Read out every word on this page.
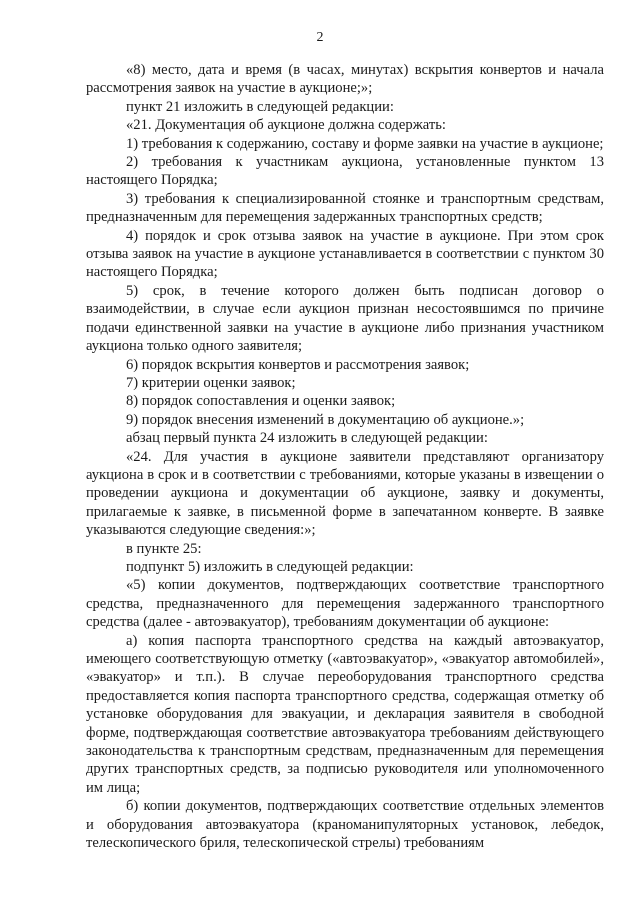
2

«8) место, дата и время (в часах, минутах) вскрытия конвертов и начала рассмотрения заявок на участие в аукционе;»;

пункт 21 изложить в следующей редакции:

«21. Документация об аукционе должна содержать:

1) требования к содержанию, составу и форме заявки на участие в аукционе;

2) требования к участникам аукциона, установленные пунктом 13 настоящего Порядка;

3) требования к специализированной стоянке и транспортным средствам, предназначенным для перемещения задержанных транспортных средств;

4) порядок и срок отзыва заявок на участие в аукционе. При этом срок отзыва заявок на участие в аукционе устанавливается в соответствии с пунктом 30 настоящего Порядка;

5) срок, в течение которого должен быть подписан договор о взаимодействии, в случае если аукцион признан несостоявшимся по причине подачи единственной заявки на участие в аукционе либо признания участником аукциона только одного заявителя;

6) порядок вскрытия конвертов и рассмотрения заявок;

7) критерии оценки заявок;

8) порядок сопоставления и оценки заявок;

9) порядок внесения изменений в документацию об аукционе.»;

абзац первый пункта 24 изложить в следующей редакции:

«24. Для участия в аукционе заявители представляют организатору аукциона в срок и в соответствии с требованиями, которые указаны в извещении о проведении аукциона и документации об аукционе, заявку и документы, прилагаемые к заявке, в письменной форме в запечатанном конверте. В заявке указываются следующие сведения:»;

в пункте 25:

подпункт 5) изложить в следующей редакции:

«5) копии документов, подтверждающих соответствие транспортного средства, предназначенного для перемещения задержанного транспортного средства (далее - автоэвакуатор), требованиям документации об аукционе:

а) копия паспорта транспортного средства на каждый автоэвакуатор, имеющего соответствующую отметку («автоэвакуатор», «эвакуатор автомобилей», «эвакуатор» и т.п.). В случае переоборудования транспортного средства предоставляется копия паспорта транспортного средства, содержащая отметку об установке оборудования для эвакуации, и декларация заявителя в свободной форме, подтверждающая соответствие автоэвакуатора требованиям действующего законодательства к транспортным средствам, предназначенным для перемещения других транспортных средств, за подписью руководителя или уполномоченного им лица;

б) копии документов, подтверждающих соответствие отдельных элементов и оборудования автоэвакуатора (краноманипуляторных установок, лебедок, телескопического бриля, телескопической стрелы) требованиям
